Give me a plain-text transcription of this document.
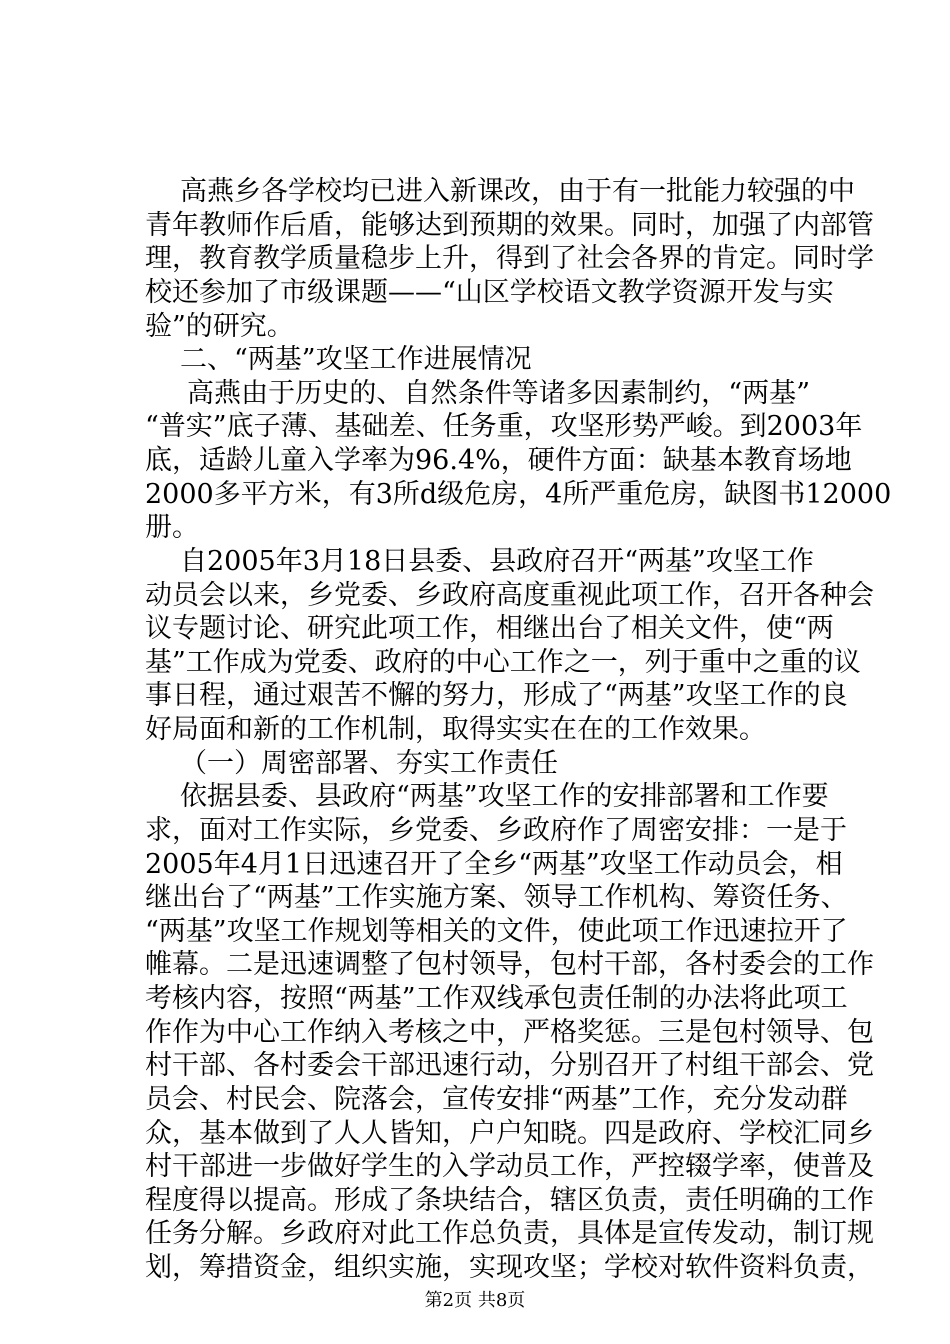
高燕乡各学校均已进入新课改，由于有一批能力较强的中
青年教师作后盾，能够达到预期的效果。同时，加强了内部管
理，教育教学质量稳步上升，得到了社会各界的肯定。同时学
校还参加了市级课题——“山区学校语文教学资源开发与实
验”的研究。
二、“两基”攻坚工作进展情况
高燕由于历史的、自然条件等诸多因素制约，“两基”
“普实”底子薄、基础差、任务重，攻坚形势严峻。到2003年
底，适龄儿童入学率为96.4%，硬件方面：缺基本教育场地
2000多平方米，有3所d级危房，4所严重危房，缺图书12000
册。
自2005年3月18日县委、县政府召开“两基”攻坚工作
动员会以来，乡党委、乡政府高度重视此项工作，召开各种会
议专题讨论、研究此项工作，相继出台了相关文件，使“两
基”工作成为党委、政府的中心工作之一，列于重中之重的议
事日程，通过艰苦不懈的努力，形成了“两基”攻坚工作的良
好局面和新的工作机制，取得实实在在的工作效果。
（一）周密部署、夯实工作责任
依据县委、县政府“两基”攻坚工作的安排部署和工作要
求，面对工作实际，乡党委、乡政府作了周密安排：一是于
2005年4月1日迅速召开了全乡“两基”攻坚工作动员会，相
继出台了“两基”工作实施方案、领导工作机构、筹资任务、
“两基”攻坚工作规划等相关的文件，使此项工作迅速拉开了
帷幕。二是迅速调整了包村领导，包村干部，各村委会的工作
考核内容，按照“两基”工作双线承包责任制的办法将此项工
作作为中心工作纳入考核之中，严格奖惩。三是包村领导、包
村干部、各村委会干部迅速行动，分别召开了村组干部会、党
员会、村民会、院落会，宣传安排“两基”工作，充分发动群
众，基本做到了人人皆知，户户知晓。四是政府、学校汇同乡
村干部进一步做好学生的入学动员工作，严控辍学率，使普及
程度得以提高。形成了条块结合，辖区负责，责任明确的工作
第2页 共8页
任务分解。乡政府对此工作总负责，具体是宣传发动，制订规
划，筹措资金，组织实施，实现攻坚；学校对软件资料负责，
